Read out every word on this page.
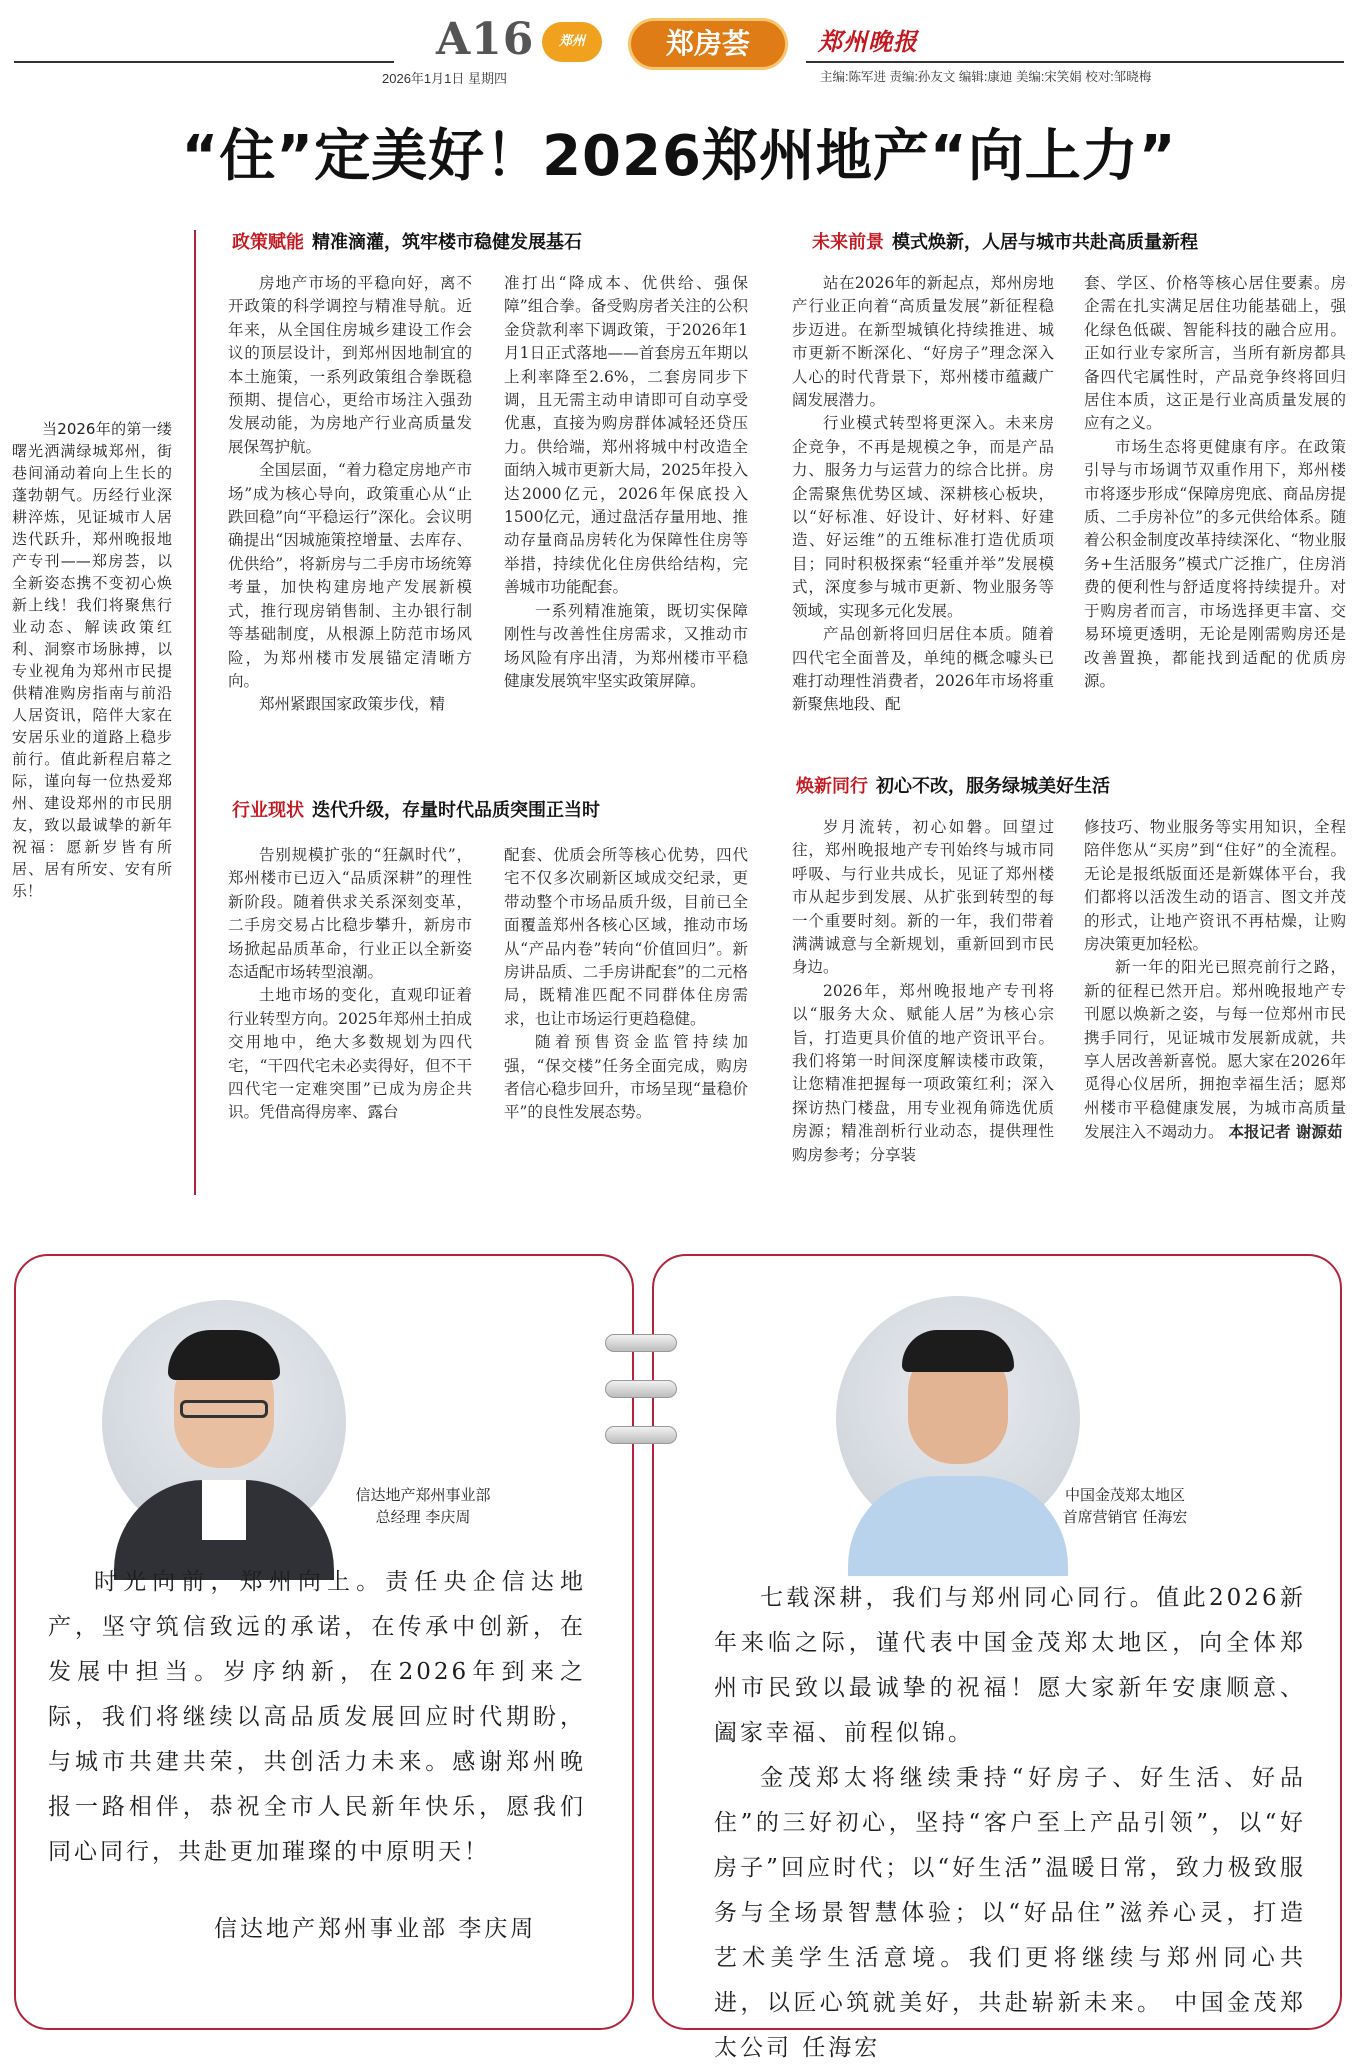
A16
2026年1月1日 星期四
郑州	郑房荟	郑州晚报
主编:陈军进 责编:孙友文 编辑:康迪 美编:宋笑娟 校对:邹晓梅
“住”定美好！2026郑州地产“向上力”
当2026年的第一缕曙光洒满绿城郑州，街巷间涌动着向上生长的蓬勃朝气。历经行业深耕淬炼，见证城市人居迭代跃升，郑州晚报地产专刊——郑房荟，以全新姿态携不变初心焕新上线！我们将聚焦行业动态、解读政策红利、洞察市场脉搏，以专业视角为郑州市民提供精准购房指南与前沿人居资讯，陪伴大家在安居乐业的道路上稳步前行。值此新程启幕之际，谨向每一位热爱郑州、建设郑州的市民朋友，致以最诚挚的新年祝福：愿新岁皆有所居、居有所安、安有所乐！
政策赋能 精准滴灌，筑牢楼市稳健发展基石

房地产市场的平稳向好，离不开政策的科学调控与精准导航。近年来，从全国住房城乡建设工作会议的顶层设计，到郑州因地制宜的本土施策，一系列政策组合拳既稳预期、提信心，更给市场注入强劲发展动能，为房地产行业高质量发展保驾护航。

全国层面，“着力稳定房地产市场”成为核心导向，政策重心从“止跌回稳”向“平稳运行”深化。会议明确提出“因城施策控增量、去库存、优供给”，将新房与二手房市场统筹考量，加快构建房地产发展新模式，推行现房销售制、主办银行制等基础制度，从根源上防范市场风险，为郑州楼市发展锚定清晰方向。

郑州紧跟国家政策步伐，精

准打出“降成本、优供给、强保障”组合拳。备受购房者关注的公积金贷款利率下调政策，于2026年1月1日正式落地——首套房五年期以上利率降至2.6%，二套房同步下调，且无需主动申请即可自动享受优惠，直接为购房群体减轻还贷压力。供给端，郑州将城中村改造全面纳入城市更新大局，2025年投入达2000亿元，2026年保底投入1500亿元，通过盘活存量用地、推动存量商品房转化为保障性住房等举措，持续优化住房供给结构，完善城市功能配套。

一系列精准施策，既切实保障刚性与改善性住房需求，又推动市场风险有序出清，为郑州楼市平稳健康发展筑牢坚实政策屏障。

行业现状 迭代升级，存量时代品质突围正当时

告别规模扩张的“狂飙时代”，郑州楼市已迈入“品质深耕”的理性新阶段。随着供求关系深刻变革，二手房交易占比稳步攀升，新房市场掀起品质革命，行业正以全新姿态适配市场转型浪潮。

土地市场的变化，直观印证着行业转型方向。2025年郑州土拍成交用地中，绝大多数规划为四代宅，“干四代宅未必卖得好，但不干四代宅一定难突围”已成为房企共识。凭借高得房率、露台

配套、优质会所等核心优势，四代宅不仅多次刷新区域成交纪录，更带动整个市场品质升级，目前已全面覆盖郑州各核心区域，推动市场从“产品内卷”转向“价值回归”。新房讲品质、二手房讲配套”的二元格局，既精准匹配不同群体住房需求，也让市场运行更趋稳健。

随着预售资金监管持续加强，“保交楼”任务全面完成，购房者信心稳步回升，市场呈现“量稳价平”的良性发展态势。

未来前景 模式焕新，人居与城市共赴高质量新程

站在2026年的新起点，郑州房地产行业正向着“高质量发展”新征程稳步迈进。在新型城镇化持续推进、城市更新不断深化、“好房子”理念深入人心的时代背景下，郑州楼市蕴藏广阔发展潜力。

行业模式转型将更深入。未来房企竞争，不再是规模之争，而是产品力、服务力与运营力的综合比拼。房企需聚焦优势区域、深耕核心板块，以“好标准、好设计、好材料、好建造、好运维”的五维标准打造优质项目；同时积极探索“轻重并举”发展模式，深度参与城市更新、物业服务等领域，实现多元化发展。

产品创新将回归居住本质。随着四代宅全面普及，单纯的概念噱头已难打动理性消费者，2026年市场将重新聚焦地段、配

套、学区、价格等核心居住要素。房企需在扎实满足居住功能基础上，强化绿色低碳、智能科技的融合应用。正如行业专家所言，当所有新房都具备四代宅属性时，产品竞争终将回归居住本质，这正是行业高质量发展的应有之义。

市场生态将更健康有序。在政策引导与市场调节双重作用下，郑州楼市将逐步形成“保障房兜底、商品房提质、二手房补位”的多元供给体系。随着公积金制度改革持续深化、“物业服务+生活服务”模式广泛推广，住房消费的便利性与舒适度将持续提升。对于购房者而言，市场选择更丰富、交易环境更透明，无论是刚需购房还是改善置换，都能找到适配的优质房源。

焕新同行 初心不改，服务绿城美好生活

岁月流转，初心如磐。回望过往，郑州晚报地产专刊始终与城市同呼吸、与行业共成长，见证了郑州楼市从起步到发展、从扩张到转型的每一个重要时刻。新的一年，我们带着满满诚意与全新规划，重新回到市民身边。

2026年，郑州晚报地产专刊将以“服务大众、赋能人居”为核心宗旨，打造更具价值的地产资讯平台。我们将第一时间深度解读楼市政策，让您精准把握每一项政策红利；深入探访热门楼盘，用专业视角筛选优质房源；精准剖析行业动态，提供理性购房参考；分享装

修技巧、物业服务等实用知识，全程陪伴您从“买房”到“住好”的全流程。无论是报纸版面还是新媒体平台，我们都将以活泼生动的语言、图文并茂的形式，让地产资讯不再枯燥，让购房决策更加轻松。

新一年的阳光已照亮前行之路，新的征程已然开启。郑州晚报地产专刊愿以焕新之姿，与每一位郑州市民携手同行，见证城市发展新成就，共享人居改善新喜悦。愿大家在2026年觅得心仪居所，拥抱幸福生活；愿郑州楼市平稳健康发展，为城市高质量发展注入不竭动力。 本报记者 谢源茹

信达地产郑州事业部
总经理 李庆周
中国金茂郑太地区
首席营销官 任海宏

时光向前，郑州向上。责任央企信达地产，坚守筑信致远的承诺，在传承中创新，在发展中担当。岁序纳新，在2026年到来之际，我们将继续以高品质发展回应时代期盼，与城市共建共荣，共创活力未来。感谢郑州晚报一路相伴，恭祝全市人民新年快乐，愿我们同心同行，共赴更加璀璨的中原明天！

信达地产郑州事业部 李庆周

七载深耕，我们与郑州同心同行。值此2026新年来临之际，谨代表中国金茂郑太地区，向全体郑州市民致以最诚挚的祝福！愿大家新年安康顺意、阖家幸福、前程似锦。

金茂郑太将继续秉持“好房子、好生活、好品住”的三好初心，坚持“客户至上产品引领”，以“好房子”回应时代；以“好生活”温暖日常，致力极致服务与全场景智慧体验；以“好品住”滋养心灵，打造艺术美学生活意境。我们更将继续与郑州同心共进，以匠心筑就美好，共赴崭新未来。 中国金茂郑太公司 任海宏
